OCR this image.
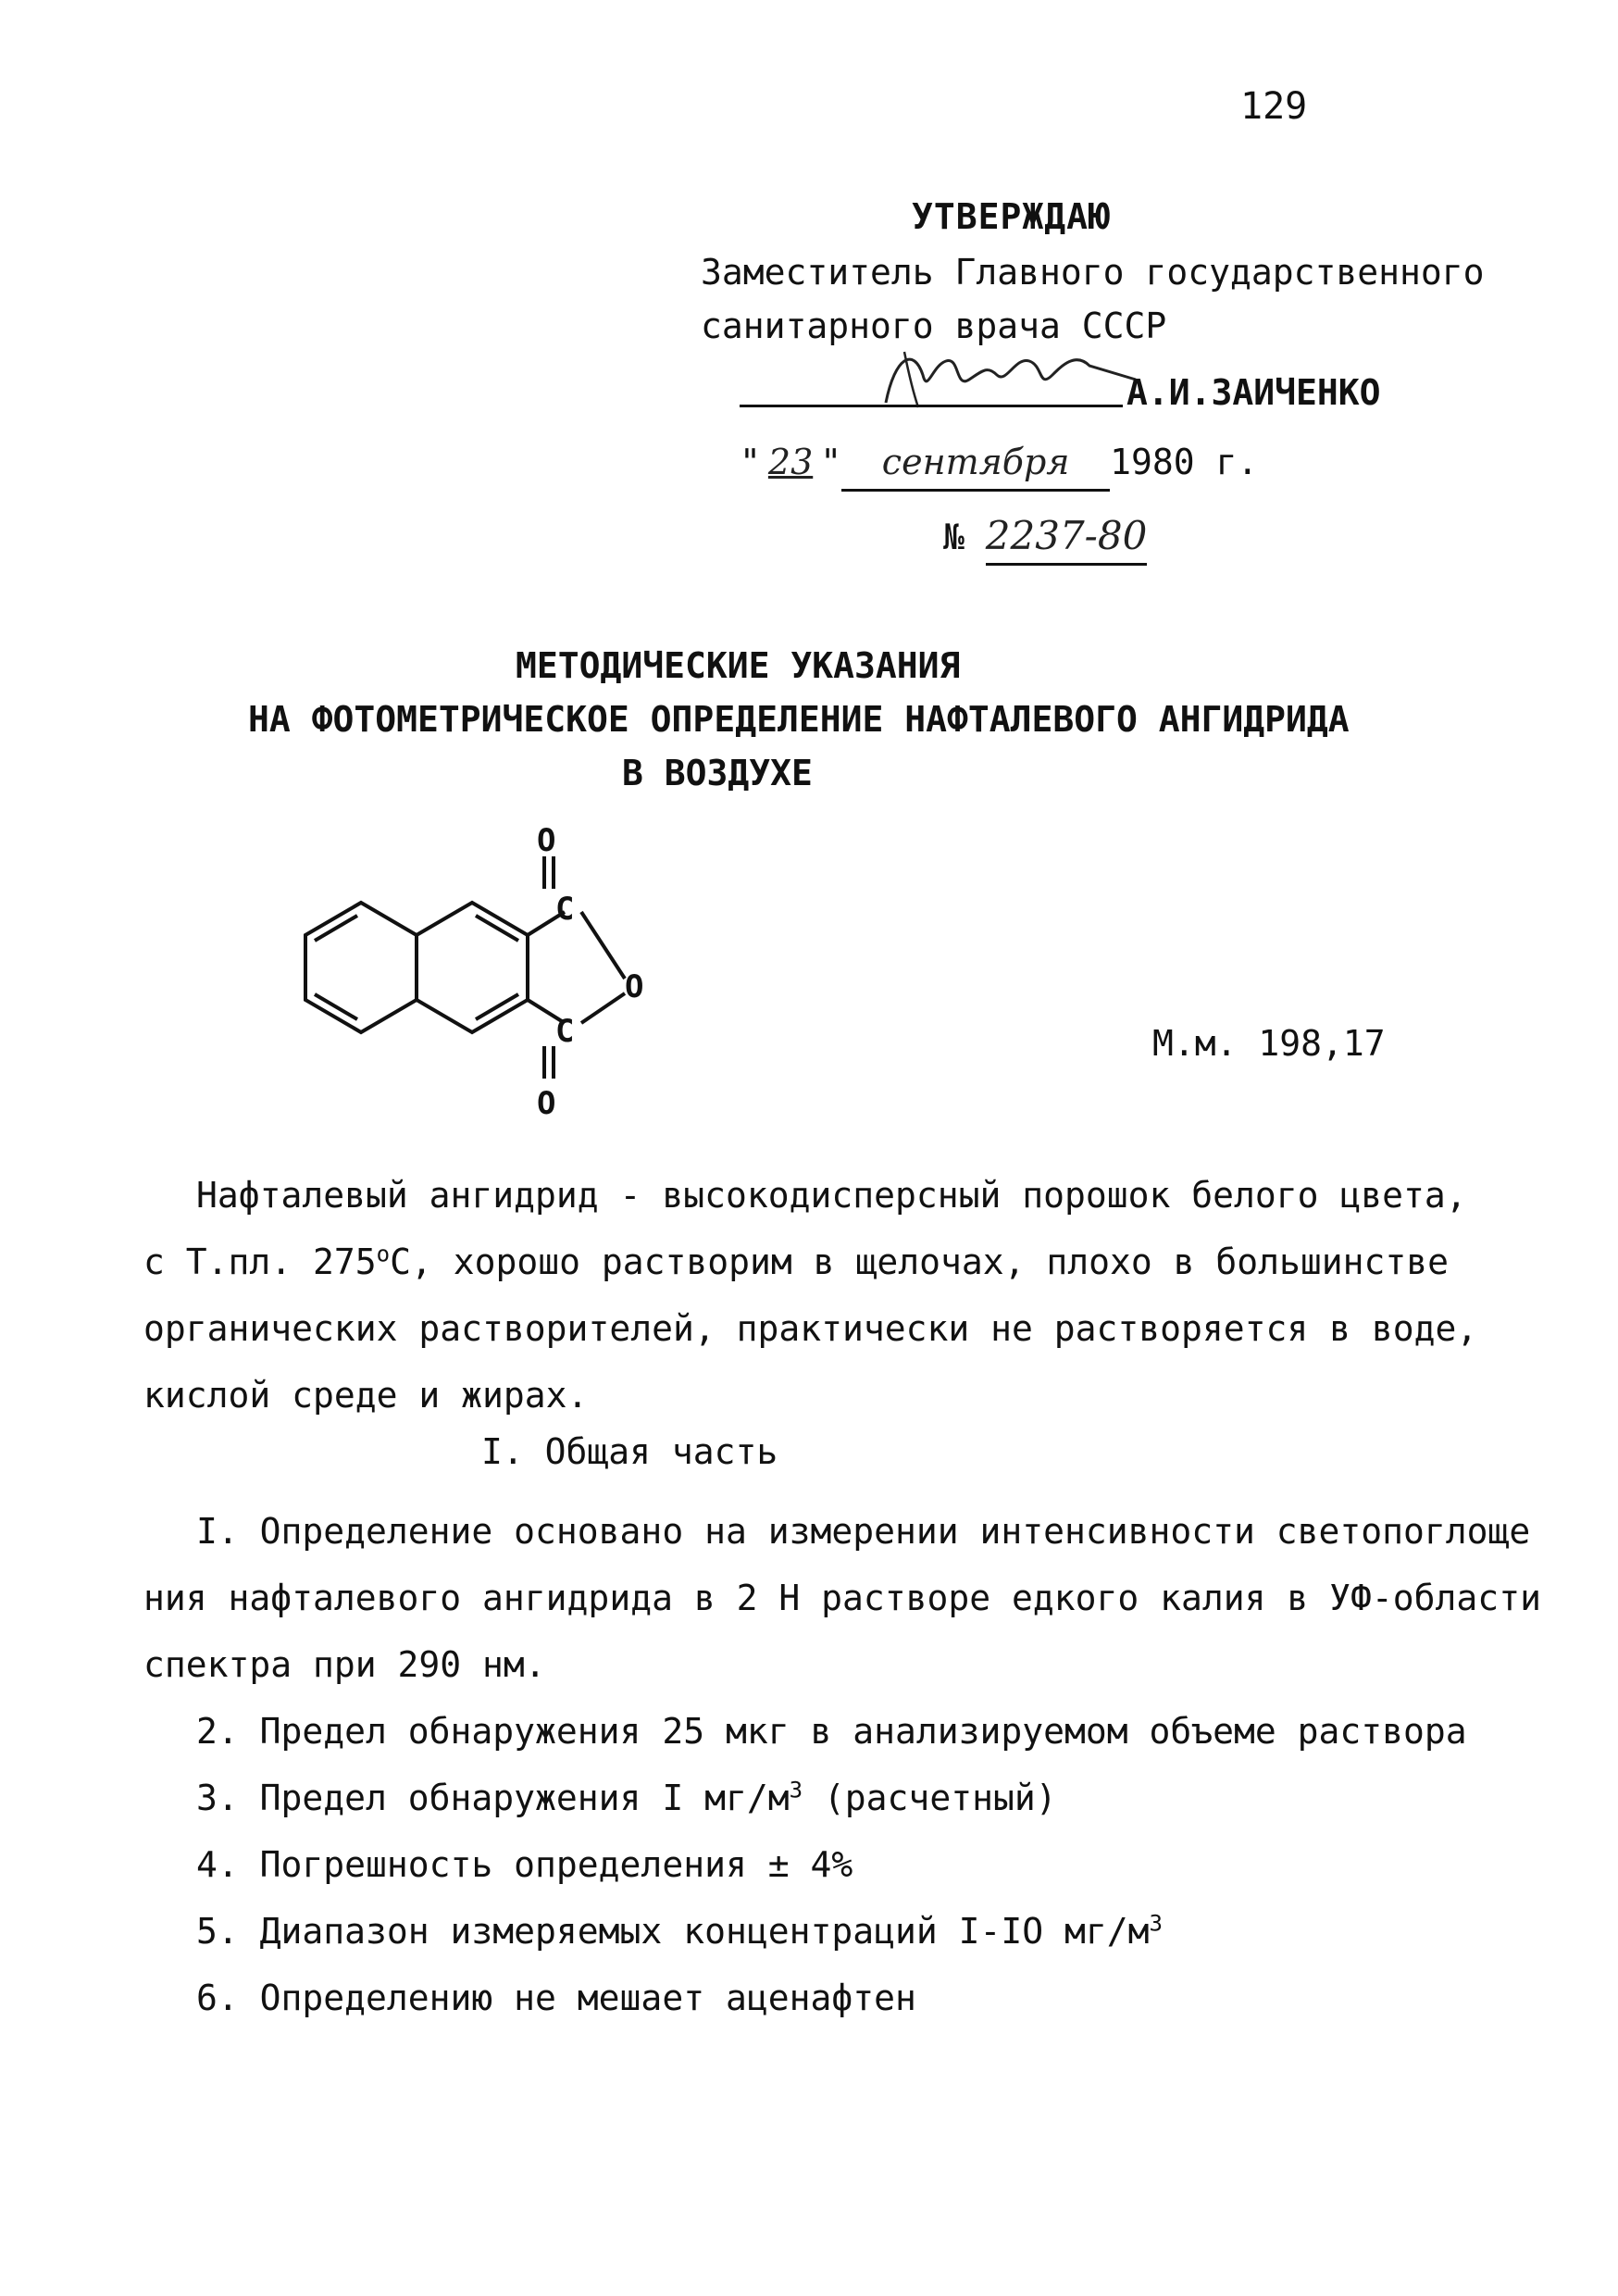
129
УТВЕРЖДАЮ
Заместитель Главного государственного
санитарного врача СССР
А.И.ЗАИЧЕНКО
" 23 " сентября 1980 г.
№ 2237-80
МЕТОДИЧЕСКИЕ УКАЗАНИЯ
НА ФОТОМЕТРИЧЕСКОЕ ОПРЕДЕЛЕНИЕ НАФТАЛЕВОГО АНГИДРИДА
В ВОЗДУХЕ
O
C
O
C
O
М.м. 198,17
Нафталевый ангидрид - высокодисперсный порошок белого цвета,
с Т.пл. $275^оС$, хорошо растворим в щелочах, плохо в большинстве
органических растворителей, практически не растворяется в воде,
кислой среде и жирах.
I. Общая часть
I. Определение основано на измерении интенсивности светопоглоще
ния нафталевого ангидрида в 2 Н растворе едкого калия в УФ-области
спектра при 290 нм.
2. Предел обнаружения 25 мкг в анализируемом объеме раствора
3. Предел обнаружения I $мг/м^3$ (расчетный)
4. Погрешность определения ± 4%
5. Диапазон измеряемых концентраций I-IO $мг/м^3$
6. Определению не мешает аценафтен
